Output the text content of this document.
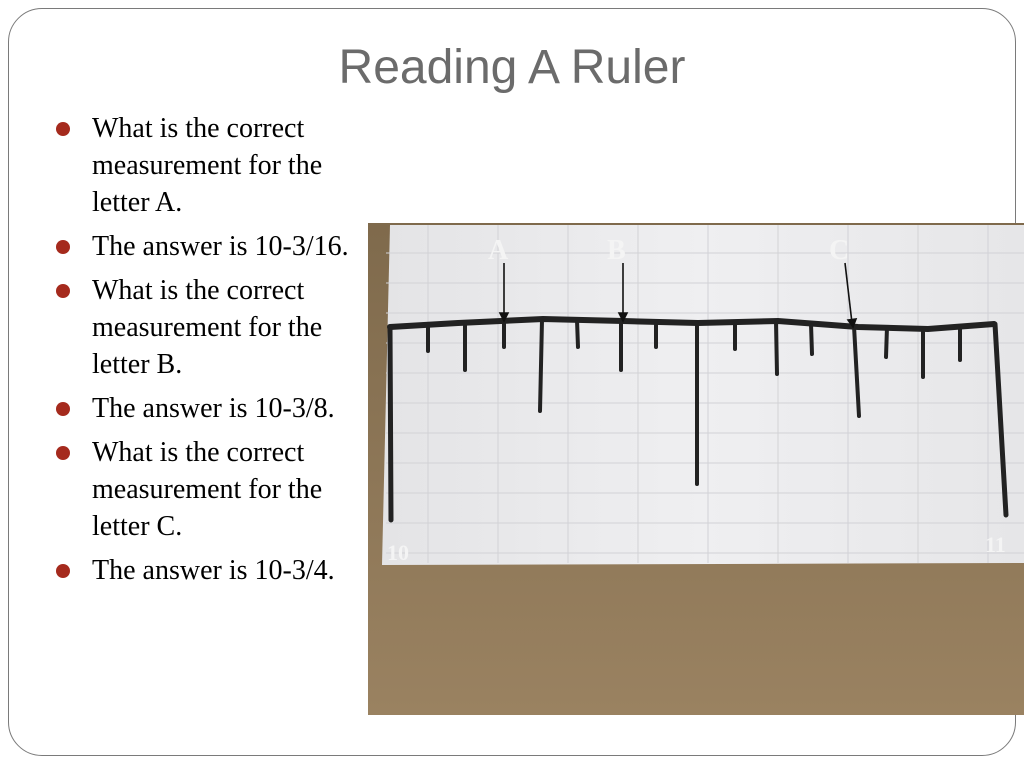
Reading A Ruler
What is the correct measurement for the letter A.
The answer is 10-3/16.
What is the correct measurement for the letter B.
The answer is 10-3/8.
What is the correct measurement for the letter C.
The answer is 10-3/4.
A	B	C
10	11
